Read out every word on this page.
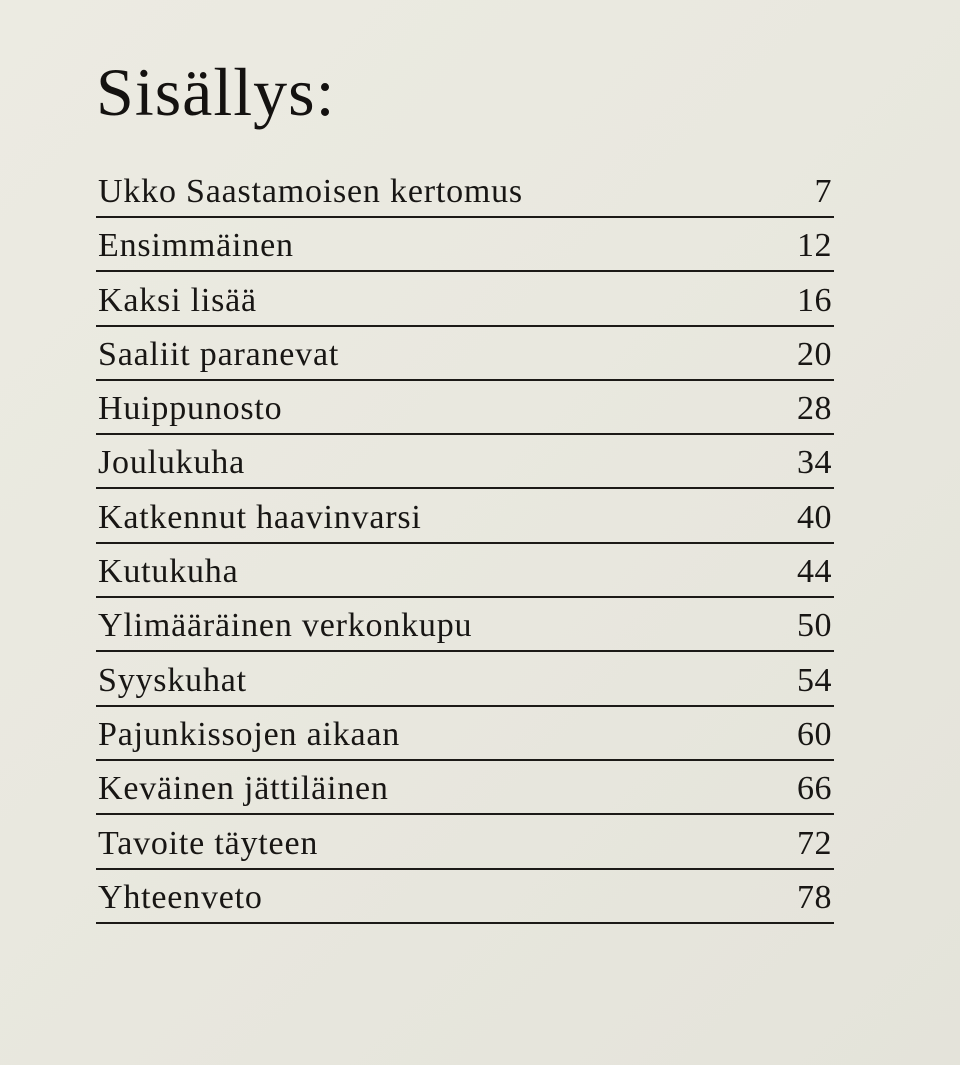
Sisällys:
Ukko Saastamoisen kertomus	7
Ensimmäinen	12
Kaksi lisää	16
Saaliit paranevat	20
Huippunosto	28
Joulukuha	34
Katkennut haavinvarsi	40
Kutukuha	44
Ylimääräinen verkonkupu	50
Syyskuhat	54
Pajunkissojen aikaan	60
Keväinen jättiläinen	66
Tavoite täyteen	72
Yhteenveto	78
